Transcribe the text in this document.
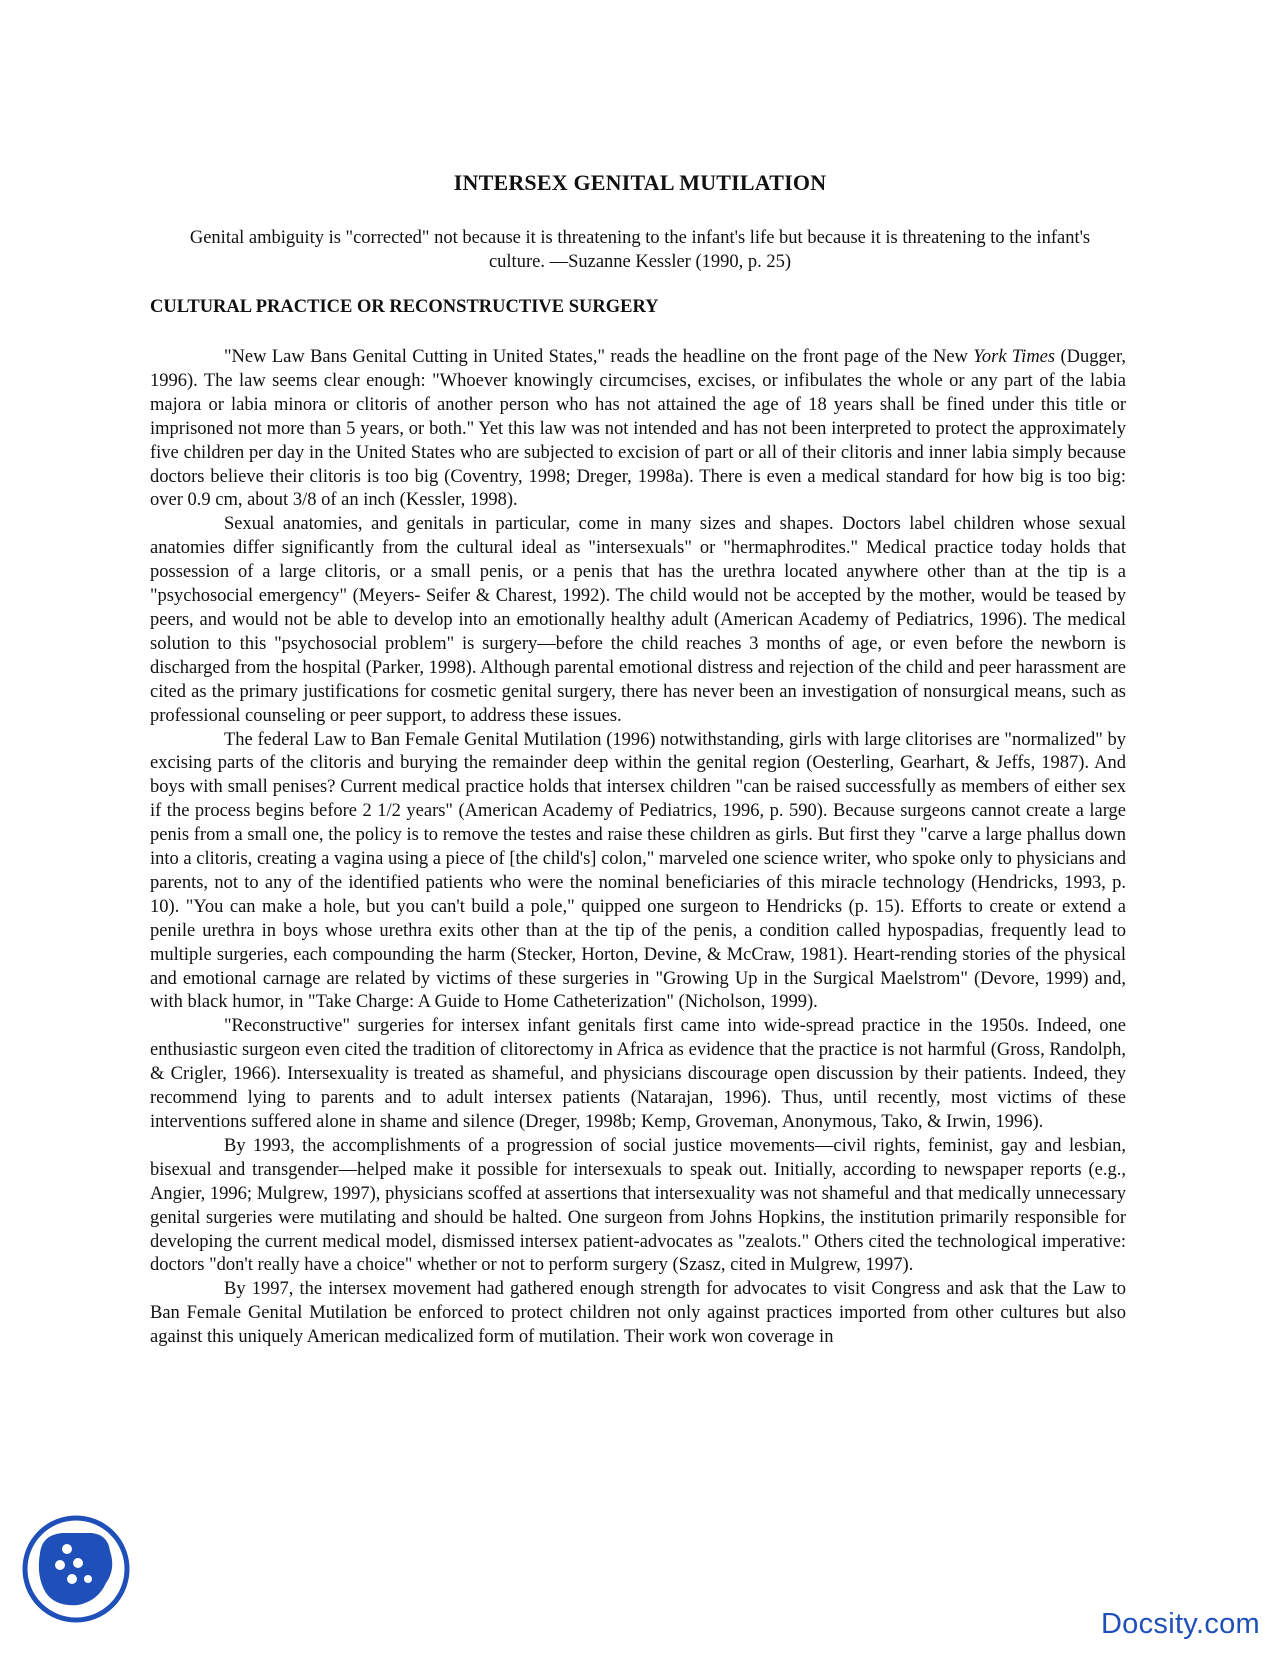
INTERSEX GENITAL MUTILATION
Genital ambiguity is "corrected" not because it is threatening to the infant's life but because it is threatening to the infant's culture. —Suzanne Kessler (1990, p. 25)
CULTURAL PRACTICE OR RECONSTRUCTIVE SURGERY

"New Law Bans Genital Cutting in United States," reads the headline on the front page of the New York Times (Dugger, 1996). The law seems clear enough: "Whoever knowingly circumcises, excises, or infibulates the whole or any part of the labia majora or labia minora or clitoris of another person who has not attained the age of 18 years shall be fined under this title or imprisoned not more than 5 years, or both." Yet this law was not intended and has not been interpreted to protect the approximately five children per day in the United States who are subjected to excision of part or all of their clitoris and inner labia simply because doctors believe their clitoris is too big (Coventry, 1998; Dreger, 1998a). There is even a medical standard for how big is too big: over 0.9 cm, about 3/8 of an inch (Kessler, 1998).

Sexual anatomies, and genitals in particular, come in many sizes and shapes. Doctors label children whose sexual anatomies differ significantly from the cultural ideal as "intersexuals" or "hermaphrodites." Medical practice today holds that possession of a large clitoris, or a small penis, or a penis that has the urethra located anywhere other than at the tip is a "psychosocial emergency" (Meyers- Seifer & Charest, 1992). The child would not be accepted by the mother, would be teased by peers, and would not be able to develop into an emotionally healthy adult (American Academy of Pediatrics, 1996). The medical solution to this "psychosocial problem" is surgery—before the child reaches 3 months of age, or even before the newborn is discharged from the hospital (Parker, 1998). Although parental emotional distress and rejection of the child and peer harassment are cited as the primary justifications for cosmetic genital surgery, there has never been an investigation of nonsurgical means, such as professional counseling or peer support, to address these issues.

The federal Law to Ban Female Genital Mutilation (1996) notwithstanding, girls with large clitorises are "normalized" by excising parts of the clitoris and burying the remainder deep within the genital region (Oesterling, Gearhart, & Jeffs, 1987). And boys with small penises? Current medical practice holds that intersex children "can be raised successfully as members of either sex if the process begins before 2 1/2 years" (American Academy of Pediatrics, 1996, p. 590). Because surgeons cannot create a large penis from a small one, the policy is to remove the testes and raise these children as girls. But first they "carve a large phallus down into a clitoris, creating a vagina using a piece of [the child's] colon," marveled one science writer, who spoke only to physicians and parents, not to any of the identified patients who were the nominal beneficiaries of this miracle technology (Hendricks, 1993, p. 10). "You can make a hole, but you can't build a pole," quipped one surgeon to Hendricks (p. 15). Efforts to create or extend a penile urethra in boys whose urethra exits other than at the tip of the penis, a condition called hypospadias, frequently lead to multiple surgeries, each compounding the harm (Stecker, Horton, Devine, & McCraw, 1981). Heart-rending stories of the physical and emotional carnage are related by victims of these surgeries in "Growing Up in the Surgical Maelstrom" (Devore, 1999) and, with black humor, in "Take Charge: A Guide to Home Catheterization" (Nicholson, 1999).

"Reconstructive" surgeries for intersex infant genitals first came into wide-spread practice in the 1950s. Indeed, one enthusiastic surgeon even cited the tradition of clitorectomy in Africa as evidence that the practice is not harmful (Gross, Randolph, & Crigler, 1966). Intersexuality is treated as shameful, and physicians discourage open discussion by their patients. Indeed, they recommend lying to parents and to adult intersex patients (Natarajan, 1996). Thus, until recently, most victims of these interventions suffered alone in shame and silence (Dreger, 1998b; Kemp, Groveman, Anonymous, Tako, & Irwin, 1996).

By 1993, the accomplishments of a progression of social justice movements—civil rights, feminist, gay and lesbian, bisexual and transgender—helped make it possible for intersexuals to speak out. Initially, according to newspaper reports (e.g., Angier, 1996; Mulgrew, 1997), physicians scoffed at assertions that intersexuality was not shameful and that medically unnecessary genital surgeries were mutilating and should be halted. One surgeon from Johns Hopkins, the institution primarily responsible for developing the current medical model, dismissed intersex patient-advocates as "zealots." Others cited the technological imperative: doctors "don't really have a choice" whether or not to perform surgery (Szasz, cited in Mulgrew, 1997).

By 1997, the intersex movement had gathered enough strength for advocates to visit Congress and ask that the Law to Ban Female Genital Mutilation be enforced to protect children not only against practices imported from other cultures but also against this uniquely American medicalized form of mutilation. Their work won coverage in

Docsity.com
